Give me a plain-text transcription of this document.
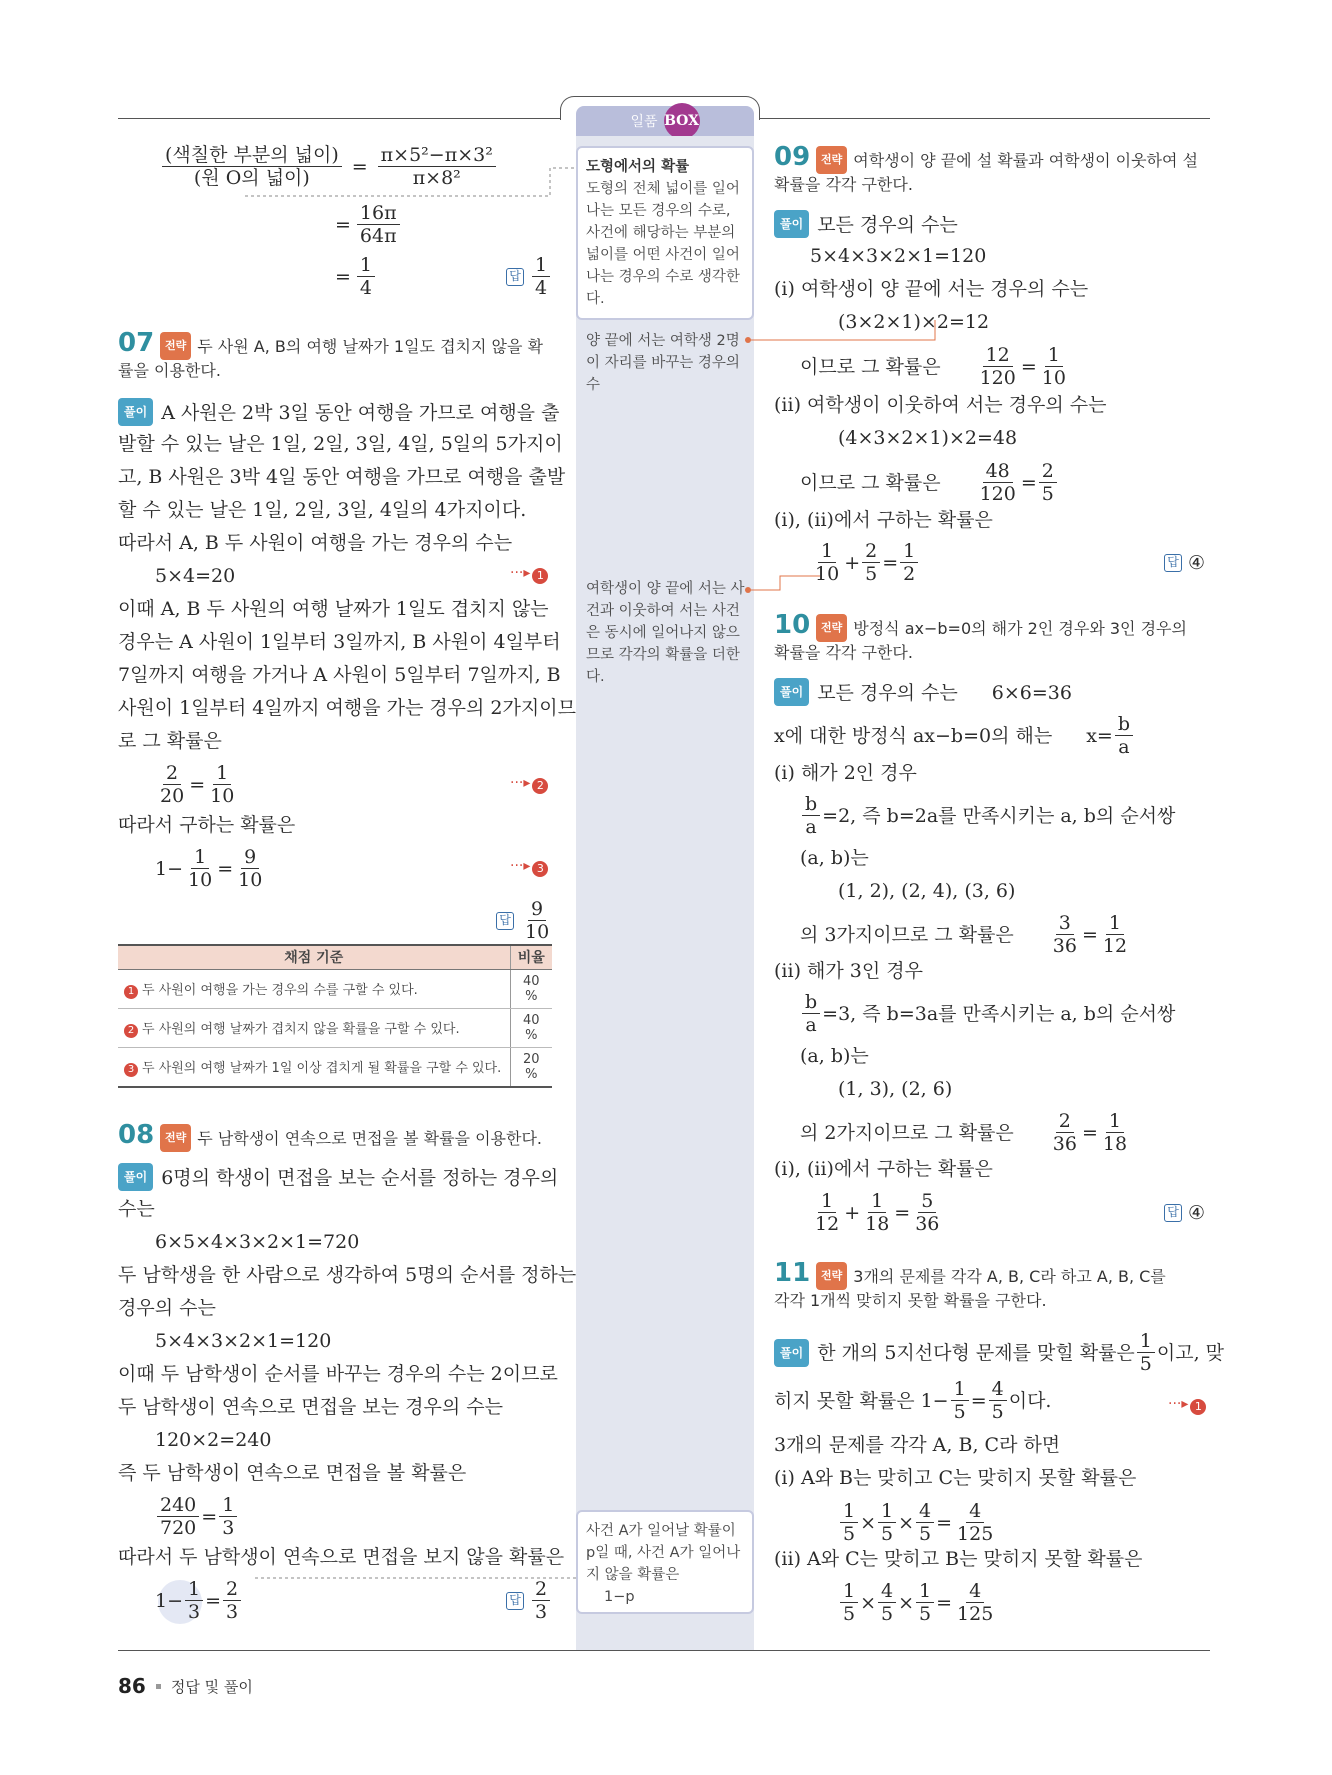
일품 BOX
도형에서의 확률
도형의 전체 넓이를 일어나는 모든 경우의 수로, 사건에 해당하는 부분의 넓이를 어떤 사건이 일어나는 경우의 수로 생각한다.
양 끝에 서는 여학생 2명이 자리를 바꾸는 경우의 수
여학생이 양 끝에 서는 사건과 이웃하여 서는 사건은 동시에 일어나지 않으므로 각각의 확률을 더한다.
사건 A가 일어날 확률이 p일 때, 사건 A가 일어나지 않을 확률은
1−p
$\frac{\text{(색칠한 부분의 넓이)}}{\text{(원 O의 넓이)}} = \frac{\text{π×5²−π×3²}}{\text{π×8²}}$
= $\frac{16\pi}{64\pi}$
= $\frac{1}{4}$	답 $\frac{1}{4}$
07 전략 두 사원 A, B의 여행 날짜가 1일도 겹치지 않을 확
률을 이용한다.
풀이 A 사원은 2박 3일 동안 여행을 가므로 여행을 출
발할 수 있는 날은 1일, 2일, 3일, 4일, 5일의 5가지이
고, B 사원은 3박 4일 동안 여행을 가므로 여행을 출발
할 수 있는 날은 1일, 2일, 3일, 4일의 4가지이다.
따라서 A, B 두 사원이 여행을 가는 경우의 수는
5×4=20	···▸ 1
이때 A, B 두 사원의 여행 날짜가 1일도 겹치지 않는
경우는 A 사원이 1일부터 3일까지, B 사원이 4일부터
7일까지 여행을 가거나 A 사원이 5일부터 7일까지, B
사원이 1일부터 4일까지 여행을 가는 경우의 2가지이므
로 그 확률은
$\frac{2}{20} = \frac{1}{10}$	···▸ 2
따라서 구하는 확률은
$1- \frac{1}{10} = \frac{9}{10}$	···▸ 3
답 $\frac{9}{10}$
채점 기준	비율
1 두 사원이 여행을 가는 경우의 수를 구할 수 있다.	40 %
2 두 사원의 여행 날짜가 겹치지 않을 확률을 구할 수 있다.	40 %
3 두 사원의 여행 날짜가 1일 이상 겹치게 될 확률을 구할 수 있다.	20 %
08 전략 두 남학생이 연속으로 면접을 볼 확률을 이용한다.
풀이 6명의 학생이 면접을 보는 순서를 정하는 경우의
수는
6×5×4×3×2×1=720
두 남학생을 한 사람으로 생각하여 5명의 순서를 정하는
경우의 수는
5×4×3×2×1=120
이때 두 남학생이 순서를 바꾸는 경우의 수는 2이므로
두 남학생이 연속으로 면접을 보는 경우의 수는
120×2=240
즉 두 남학생이 연속으로 면접을 볼 확률은
$\frac{240}{720} = \frac{1}{3}$
따라서 두 남학생이 연속으로 면접을 보지 않을 확률은
$1- \frac{1}{3} = \frac{2}{3}$	답 $\frac{2}{3}$
09 전략 여학생이 양 끝에 설 확률과 여학생이 이웃하여 설
확률을 각각 구한다.
풀이 모든 경우의 수는
5×4×3×2×1=120
(i) 여학생이 양 끝에 서는 경우의 수는
(3×2×1)×2=12
이므로 그 확률은 $\frac{12}{120} = \frac{1}{10}$
(ii) 여학생이 이웃하여 서는 경우의 수는
(4×3×2×1)×2=48
이므로 그 확률은 $\frac{48}{120} = \frac{2}{5}$
(i), (ii)에서 구하는 확률은
$\frac{1}{10} + \frac{2}{5} = \frac{1}{2}$	답 ④
10 전략 방정식 ax−b=0의 해가 2인 경우와 3인 경우의
확률을 각각 구한다.
풀이 모든 경우의 수는 6×6=36
x에 대한 방정식 ax−b=0의 해는 $x= \frac{b}{a}$
(i) 해가 2인 경우
$\frac{b}{a} =2$, 즉 b=2a를 만족시키는 a, b의 순서쌍
(a, b)는
(1, 2), (2, 4), (3, 6)
의 3가지이므로 그 확률은 $\frac{3}{36} = \frac{1}{12}$
(ii) 해가 3인 경우
$\frac{b}{a} =3$, 즉 b=3a를 만족시키는 a, b의 순서쌍
(a, b)는
(1, 3), (2, 6)
의 2가지이므로 그 확률은 $\frac{2}{36} = \frac{1}{18}$
(i), (ii)에서 구하는 확률은
$\frac{1}{12} + \frac{1}{18} = \frac{5}{36}$	답 ④
11 전략 3개의 문제를 각각 A, B, C라 하고 A, B, C를
각각 1개씩 맞히지 못할 확률을 구한다.
풀이 한 개의 5지선다형 문제를 맞힐 확률은 $\frac{1}{5}$ 이고, 맞
히지 못할 확률은 $1- \frac{1}{5} = \frac{4}{5}$ 이다.	···▸ 1
3개의 문제를 각각 A, B, C라 하면
(i) A와 B는 맞히고 C는 맞히지 못할 확률은
$\frac{1}{5} \times \frac{1}{5} \times \frac{4}{5} = \frac{4}{125}$
(ii) A와 C는 맞히고 B는 맞히지 못할 확률은
$\frac{1}{5} \times \frac{4}{5} \times \frac{1}{5} = \frac{4}{125}$
86 정답 및 풀이
